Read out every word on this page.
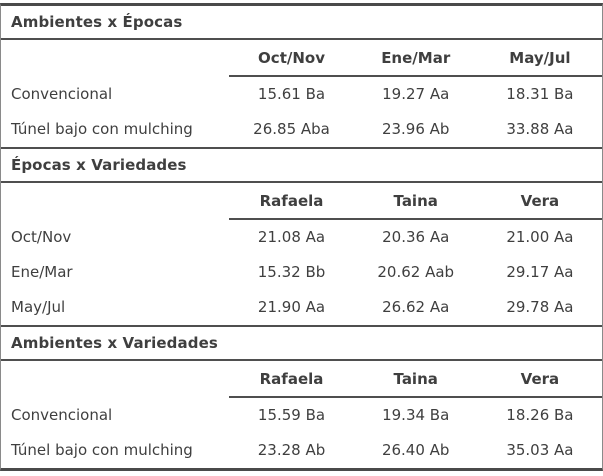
Ambientes x Épocas
	Oct/Nov	Ene/Mar	May/Jul
Convencional	15.61 Ba	19.27 Aa	18.31 Ba
Túnel bajo con mulching	26.85 Aba	23.96 Ab	33.88 Aa
Épocas x Variedades
	Rafaela	Taina	Vera
Oct/Nov	21.08 Aa	20.36 Aa	21.00 Aa
Ene/Mar	15.32 Bb	20.62 Aab	29.17 Aa
May/Jul	21.90 Aa	26.62 Aa	29.78 Aa
Ambientes x Variedades
	Rafaela	Taina	Vera
Convencional	15.59 Ba	19.34 Ba	18.26 Ba
Túnel bajo con mulching	23.28 Ab	26.40 Ab	35.03 Aa
